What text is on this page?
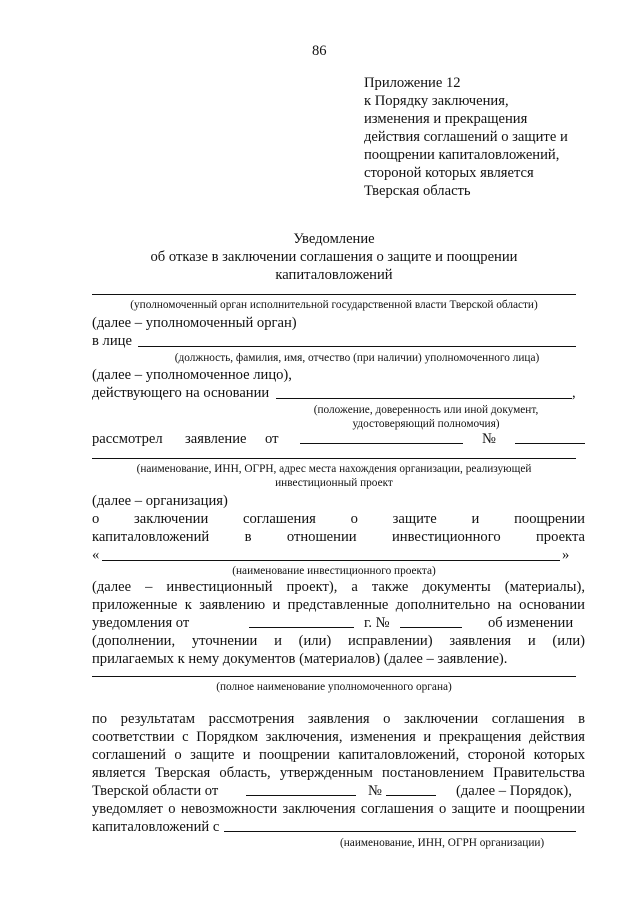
86
Приложение 12
к Порядку заключения,
изменения и прекращения
действия соглашений о защите и
поощрении капиталовложений,
стороной которых является
Тверская область
Уведомление
об отказе в заключении соглашения о защите и поощрении
капиталовложений
(уполномоченный орган исполнительной государственной власти Тверской области)
(далее – уполномоченный орган)
в лице
(должность, фамилия, имя, отчество (при наличии) уполномоченного лица)
(далее – уполномоченное лицо),
действующего на основании	,
(положение, доверенность или иной документ,
удостоверяющий полномочия)
рассмотрел заявление от	№
(наименование, ИНН, ОГРН, адрес места нахождения организации, реализующей
инвестиционный проект
(далее – организация)
о заключении соглашения о защите и поощрении
капиталовложений в отношении инвестиционного проекта
«	»
(наименование инвестиционного проекта)
(далее – инвестиционный проект), а также документы (материалы),
приложенные к заявлению и представленные дополнительно на основании
уведомления от	г. №	об изменении
(дополнении, уточнении и (или) исправлении) заявления и (или)
прилагаемых к нему документов (материалов) (далее – заявление).
(полное наименование уполномоченного органа)
по результатам рассмотрения заявления о заключении соглашения в
соответствии с Порядком заключения, изменения и прекращения действия
соглашений о защите и поощрении капиталовложений, стороной которых
является Тверская область, утвержденным постановлением Правительства
Тверской области от	№	(далее – Порядок),
уведомляет о невозможности заключения соглашения о защите и поощрении
капиталовложений с
(наименование, ИНН, ОГРН организации)
